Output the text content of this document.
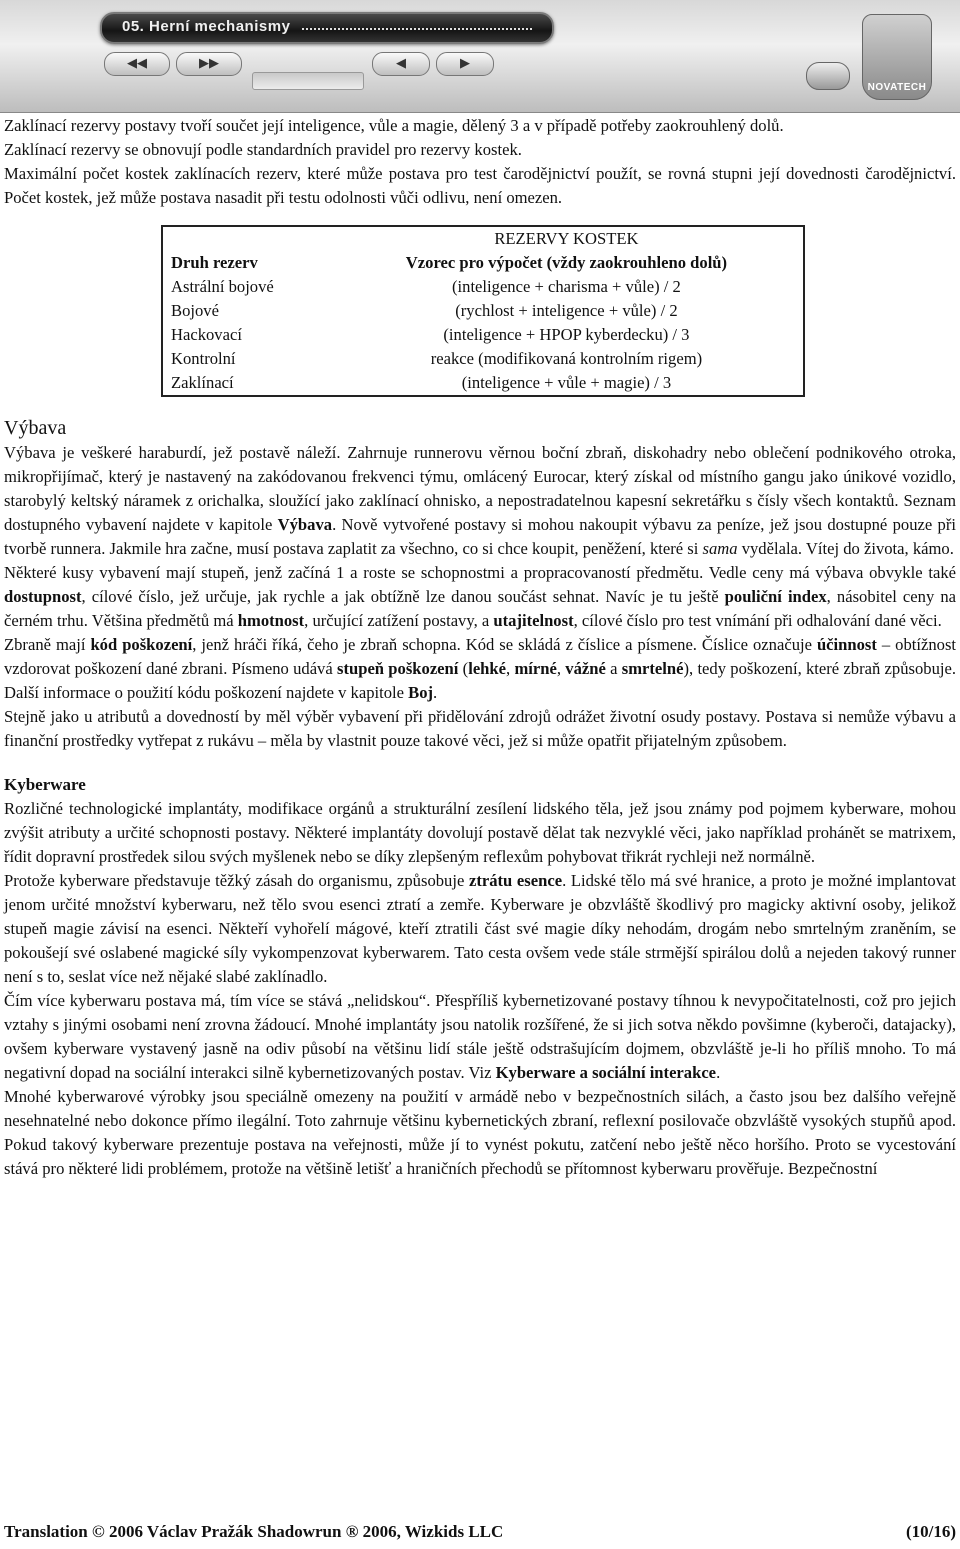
05. Herní mechanismy
◀◀	▶▶	◀	▶
NOVATECH

Zaklínací rezervy postavy tvoří součet její inteligence, vůle a magie, dělený 3 a v případě potřeby zaokrouhlený dolů.

Zaklínací rezervy se obnovují podle standardních pravidel pro rezervy kostek.

Maximální počet kostek zaklínacích rezerv, které může postava pro test čarodějnictví použít, se rovná stupni její dovednosti čarodějnictví. Počet kostek, jež může postava nasadit při testu odolnosti vůči odlivu, není omezen.

	REZERVY KOSTEK
Druh rezerv	Vzorec pro výpočet (vždy zaokrouhleno dolů)
Astrální bojové	(inteligence + charisma + vůle) / 2
Bojové	(rychlost + inteligence + vůle) / 2
Hackovací	(inteligence + HPOP kyberdecku) / 3
Kontrolní	reakce (modifikovaná kontrolním rigem)
Zaklínací	(inteligence + vůle + magie) / 3
Výbava

Výbava je veškeré haraburdí, jež postavě náleží. Zahrnuje runnerovu věrnou boční zbraň, diskohadry nebo oblečení podnikového otroka, mikropřijímač, který je nastavený na zakódovanou frekvenci týmu, omlácený Eurocar, který získal od místního gangu jako únikové vozidlo, starobylý keltský náramek z orichalka, sloužící jako zaklínací ohnisko, a nepostradatelnou kapesní sekretářku s čísly všech kontaktů. Seznam dostupného vybavení najdete v kapitole Výbava. Nově vytvořené postavy si mohou nakoupit výbavu za peníze, jež jsou dostupné pouze při tvorbě runnera. Jakmile hra začne, musí postava zaplatit za všechno, co si chce koupit, peněžení, které si sama vydělala. Vítej do života, kámo.

Některé kusy vybavení mají stupeň, jenž začíná 1 a roste se schopnostmi a propracovaností předmětu. Vedle ceny má výbava obvykle také dostupnost, cílové číslo, jež určuje, jak rychle a jak obtížně lze danou součást sehnat. Navíc je tu ještě pouliční index, násobitel ceny na černém trhu. Většina předmětů má hmotnost, určující zatížení postavy, a utajitelnost, cílové číslo pro test vnímání při odhalování dané věci.

Zbraně mají kód poškození, jenž hráči říká, čeho je zbraň schopna. Kód se skládá z číslice a písmene. Číslice označuje účinnost – obtížnost vzdorovat poškození dané zbrani. Písmeno udává stupeň poškození (lehké, mírné, vážné a smrtelné), tedy poškození, které zbraň způsobuje. Další informace o použití kódu poškození najdete v kapitole Boj.

Stejně jako u atributů a dovedností by měl výběr vybavení při přidělování zdrojů odrážet životní osudy postavy. Postava si nemůže výbavu a finanční prostředky vytřepat z rukávu – měla by vlastnit pouze takové věci, jež si může opatřit přijatelným způsobem.

Kyberware

Rozličné technologické implantáty, modifikace orgánů a strukturální zesílení lidského těla, jež jsou známy pod pojmem kyberware, mohou zvýšit atributy a určité schopnosti postavy. Některé implantáty dovolují postavě dělat tak nezvyklé věci, jako například prohánět se matrixem, řídit dopravní prostředek silou svých myšlenek nebo se díky zlepšeným reflexům pohybovat třikrát rychleji než normálně.

Protože kyberware představuje těžký zásah do organismu, způsobuje ztrátu esence. Lidské tělo má své hranice, a proto je možné implantovat jenom určité množství kyberwaru, než tělo svou esenci ztratí a zemře. Kyberware je obzvláště škodlivý pro magicky aktivní osoby, jelikož stupeň magie závisí na esenci. Někteří vyhořelí mágové, kteří ztratili část své magie díky nehodám, drogám nebo smrtelným zraněním, se pokoušejí své oslabené magické síly vykompenzovat kyberwarem. Tato cesta ovšem vede stále strmější spirálou dolů a nejeden takový runner není s to, seslat více než nějaké slabé zaklínadlo.

Čím více kyberwaru postava má, tím více se stává „nelidskou“. Přespříliš kybernetizované postavy tíhnou k nevypočitatelnosti, což pro jejich vztahy s jinými osobami není zrovna žádoucí. Mnohé implantáty jsou natolik rozšířené, že si jich sotva někdo povšimne (kyberoči, datajacky), ovšem kyberware vystavený jasně na odiv působí na většinu lidí stále ještě odstrašujícím dojmem, obzvláště je-li ho příliš mnoho. To má negativní dopad na sociální interakci silně kybernetizovaných postav. Viz Kyberware a sociální interakce.

Mnohé kyberwarové výrobky jsou speciálně omezeny na použití v armádě nebo v bezpečnostních silách, a často jsou bez dalšího veřejně nesehnatelné nebo dokonce přímo ilegální. Toto zahrnuje většinu kybernetických zbraní, reflexní posilovače obzvláště vysokých stupňů apod. Pokud takový kyberware prezentuje postava na veřejnosti, může jí to vynést pokutu, zatčení nebo ještě něco horšího. Proto se vycestování stává pro některé lidi problémem, protože na většině letišť a hraničních přechodů se přítomnost kyberwaru prověřuje. Bezpečnostní

Translation © 2006 Václav Pražák Shadowrun ® 2006, Wizkids LLC	(10/16)
